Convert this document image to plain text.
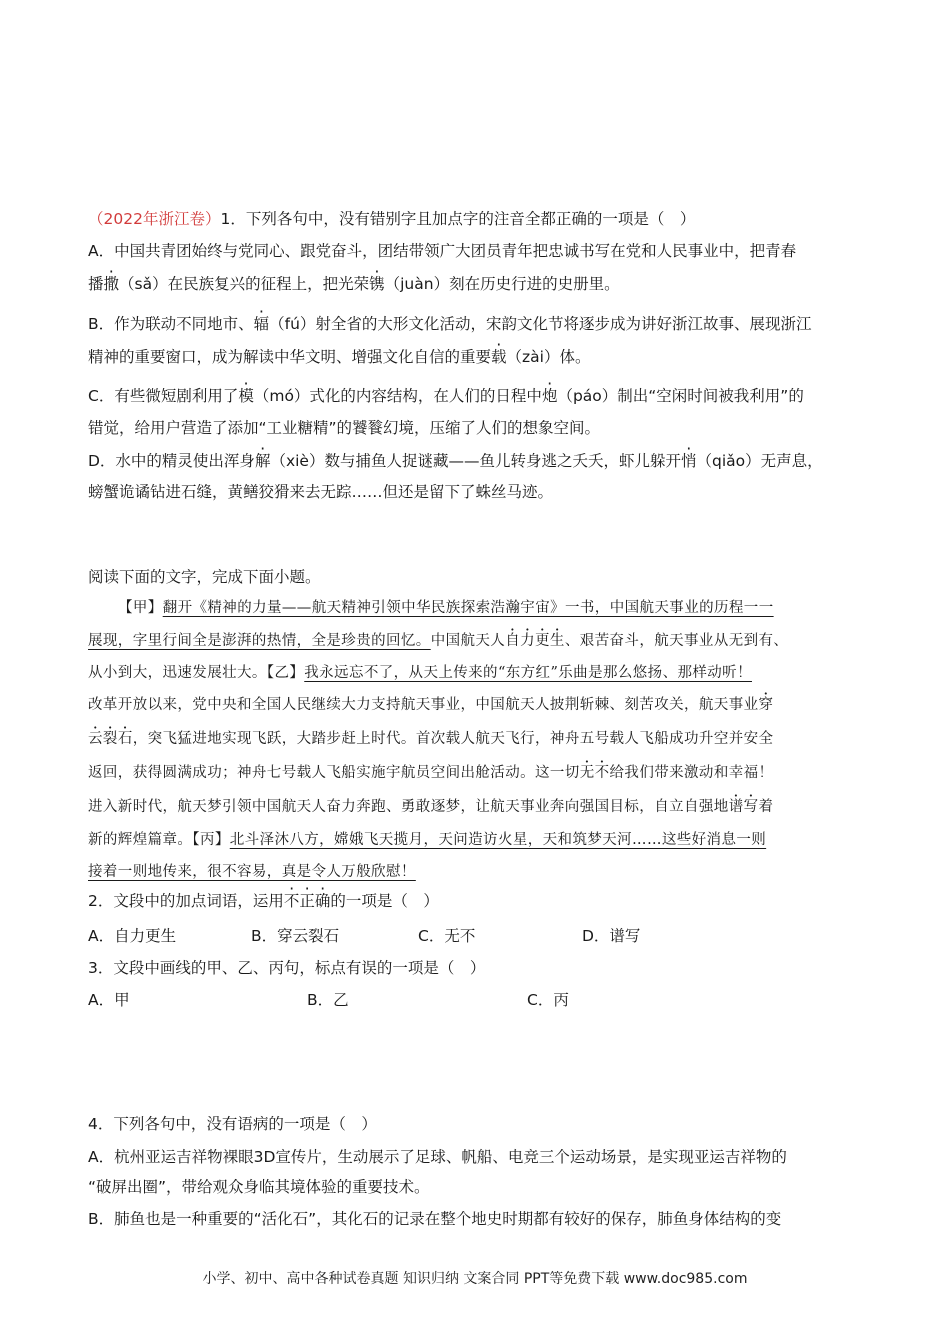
（2022年浙江卷）1．下列各句中，没有错别字且加点字的注音全都正确的一项是（　）
A．中国共青团始终与党同心、跟党奋斗，团结带领广大团员青年把忠诚书写在党和人民事业中，把青春
播撒（sǎ）在民族复兴的征程上，把光荣镌（juàn）刻在历史行进的史册里。
B．作为联动不同地市、辐（fú）射全省的大形文化活动，宋韵文化节将逐步成为讲好浙江故事、展现浙江
精神的重要窗口，成为解读中华文明、增强文化自信的重要载（zài）体。
C．有些微短剧利用了模（mó）式化的内容结构，在人们的日程中炮（páo）制出“空闲时间被我利用”的
错觉，给用户营造了添加“工业糖精”的饕餮幻境，压缩了人们的想象空间。
D．水中的精灵使出浑身解（xiè）数与捕鱼人捉谜藏——鱼儿转身逃之夭夭，虾儿躲开悄（qiǎo）无声息，
螃蟹诡谲钻进石缝，黄鳝狡猾来去无踪……但还是留下了蛛丝马迹。
阅读下面的文字，完成下面小题。
【甲】翻开《精神的力量——航天精神引领中华民族探索浩瀚宇宙》一书，中国航天事业的历程一一
展现，字里行间全是澎湃的热情，全是珍贵的回忆。中国航天人自力更生、艰苦奋斗，航天事业从无到有、
从小到大，迅速发展壮大。【乙】我永远忘不了，从天上传来的“东方红”乐曲是那么悠扬、那样动听！
改革开放以来，党中央和全国人民继续大力支持航天事业，中国航天人披荆斩棘、刻苦攻关，航天事业穿
云裂石，突飞猛进地实现飞跃，大踏步赶上时代。首次载人航天飞行，神舟五号载人飞船成功升空并安全
返回，获得圆满成功；神舟七号载人飞船实施宇航员空间出舱活动。这一切无不给我们带来激动和幸福！
进入新时代，航天梦引领中国航天人奋力奔跑、勇敢逐梦，让航天事业奔向强国目标，自立自强地谱写着
新的辉煌篇章。【丙】北斗泽沐八方，嫦娥飞天揽月，天问造访火星，天和筑梦天河……这些好消息一则
接着一则地传来，很不容易，真是令人万般欣慰！
2．文段中的加点词语，运用不正确的一项是（　）
A．自力更生	B．穿云裂石	C．无不	D．谱写
3．文段中画线的甲、乙、丙句，标点有误的一项是（　）
A．甲	B．乙	C．丙
4．下列各句中，没有语病的一项是（　）
A．杭州亚运吉祥物裸眼3D宣传片，生动展示了足球、帆船、电竞三个运动场景，是实现亚运吉祥物的
“破屏出圈”，带给观众身临其境体验的重要技术。
B．肺鱼也是一种重要的“活化石”，其化石的记录在整个地史时期都有较好的保存，肺鱼身体结构的变
小学、初中、高中各种试卷真题 知识归纳 文案合同 PPT等免费下载 www.doc985.com
